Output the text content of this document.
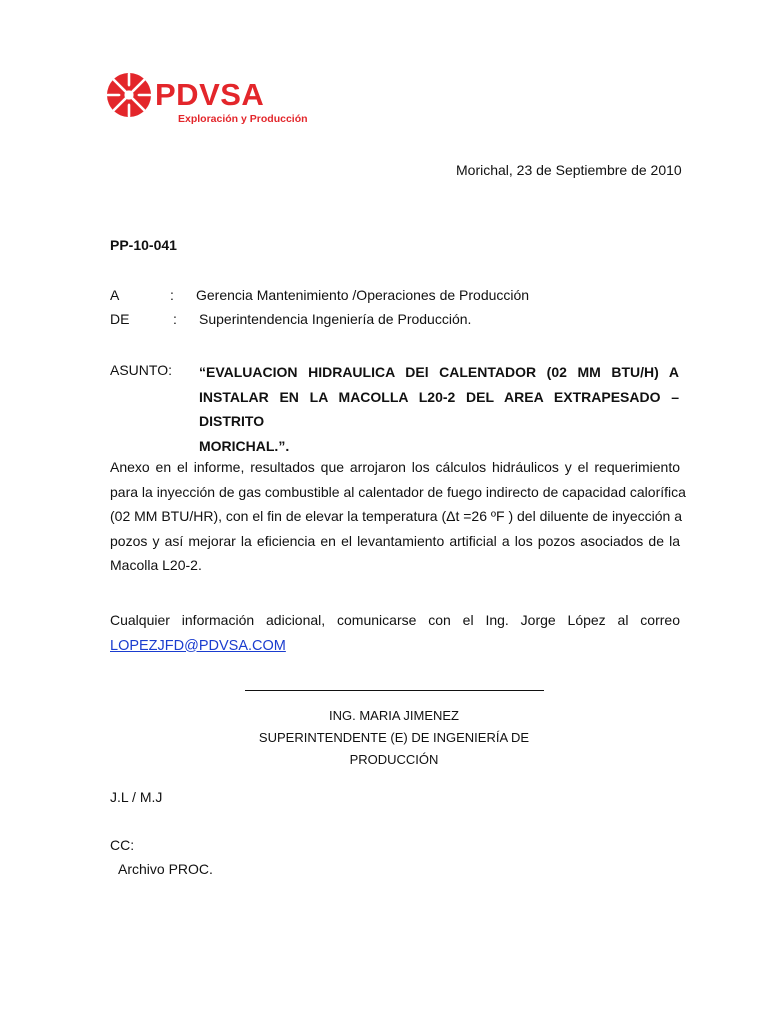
PDVSA
Exploración y Producción
Morichal, 23 de Septiembre de 2010
PP-10-041
A	: Gerencia Mantenimiento /Operaciones de Producción
DE	: Superintendencia Ingeniería de Producción.
ASUNTO: “EVALUACION HIDRAULICA DEl CALENTADOR (02 MM BTU/H) A
INSTALAR EN LA MACOLLA L20-2 DEL AREA EXTRAPESADO – DISTRITO
MORICHAL.”.
Anexo en el informe, resultados que arrojaron los cálculos hidráulicos y el requerimiento
para la inyección de gas combustible al calentador de fuego indirecto de capacidad calorífica
(02 MM BTU/HR), con el fin de elevar la temperatura (Δt =26 ºF ) del diluente de inyección a
pozos y así mejorar la eficiencia en el levantamiento artificial a los pozos asociados de la
Macolla L20-2.
Cualquier información adicional, comunicarse con el Ing. Jorge López al correo
LOPEZJFD@PDVSA.COM
ING. MARIA JIMENEZ
SUPERINTENDENTE (E) DE INGENIERÍA DE
PRODUCCIÓN
J.L / M.J
CC:
Archivo PROC.
